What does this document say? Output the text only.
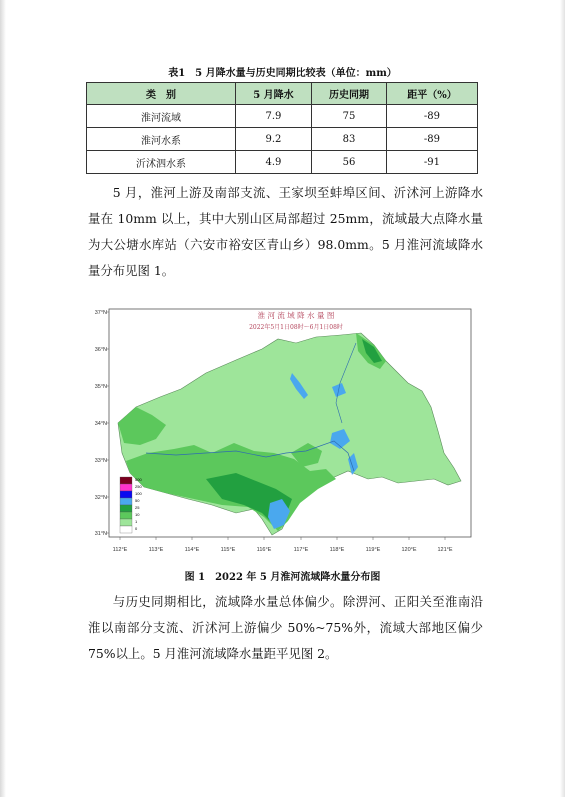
表1　5 月降水量与历史同期比较表（单位：mm）
类　别	5 月降水	历史同期	距平（%）
淮河流域	7.9	75	-89
淮河水系	9.2	83	-89
沂沭泗水系	4.9	56	-91

5 月，淮河上游及南部支流、王家坝至蚌埠区间、沂沭河上游降水量在 10mm 以上，其中大别山区局部超过 25mm，流域最大点降水量为大公塘水库站（六安市裕安区青山乡）98.0mm。5 月淮河流域降水量分布见图 1。

37°N
36°N
35°N
34°N
33°N
32°N
31°N
112°E	113°E	114°E	115°E	116°E	117°E	118°E	119°E	120°E	121°E
淮 河 流 域 降 水 量 图
2022年5月1日08时～6月1日08时
500
250
100
50
25
10
1
0
图 1　2022 年 5 月淮河流域降水量分布图

与历史同期相比，流域降水量总体偏少。除淠河、正阳关至淮南沿淮以南部分支流、沂沭河上游偏少 50%~75%外，流域大部地区偏少 75%以上。5 月淮河流域降水量距平见图 2。
